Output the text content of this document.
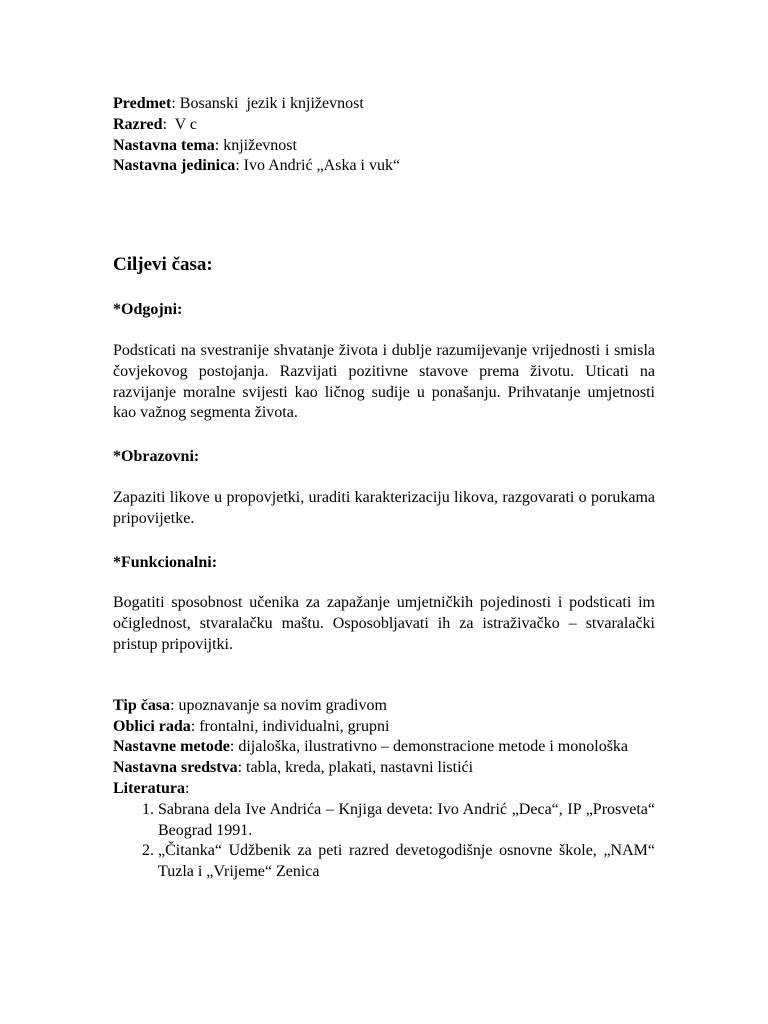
Predmet: Bosanski  jezik i književnost
Razred:  V c
Nastavna tema: književnost
Nastavna jedinica: Ivo Andrić „Aska i vuk“
Ciljevi časa:
*Odgojni:
Podsticati na svestranije shvatanje života i dublje razumijevanje vrijednosti i smisla čovjekovog postojanja. Razvijati pozitivne stavove prema životu. Uticati na razvijanje moralne svijesti kao ličnog sudije u ponašanju. Prihvatanje umjetnosti kao važnog segmenta života.
*Obrazovni:
Zapaziti likove u propovjetki, uraditi karakterizaciju likova, razgovarati o porukama pripovijetke.
*Funkcionalni:
Bogatiti sposobnost učenika za zapažanje umjetničkih pojedinosti i podsticati im očiglednost, stvaralačku maštu. Osposobljavati ih za istraživačko – stvaralački pristup pripovijtki.
Tip časa: upoznavanje sa novim gradivom
Oblici rada: frontalni, individualni, grupni
Nastavne metode: dijaloška, ilustrativno – demonstracione metode i monološka
Nastavna sredstva: tabla, kreda, plakati, nastavni listići
Literatura:
1. Sabrana dela Ive Andrića – Knjiga deveta: Ivo Andrić „Deca“, IP „Prosveta“ Beograd 1991.
2. „Čitanka“ Udžbenik za peti razred devetogodišnje osnovne škole, „NAM“ Tuzla i „Vrijeme“ Zenica
